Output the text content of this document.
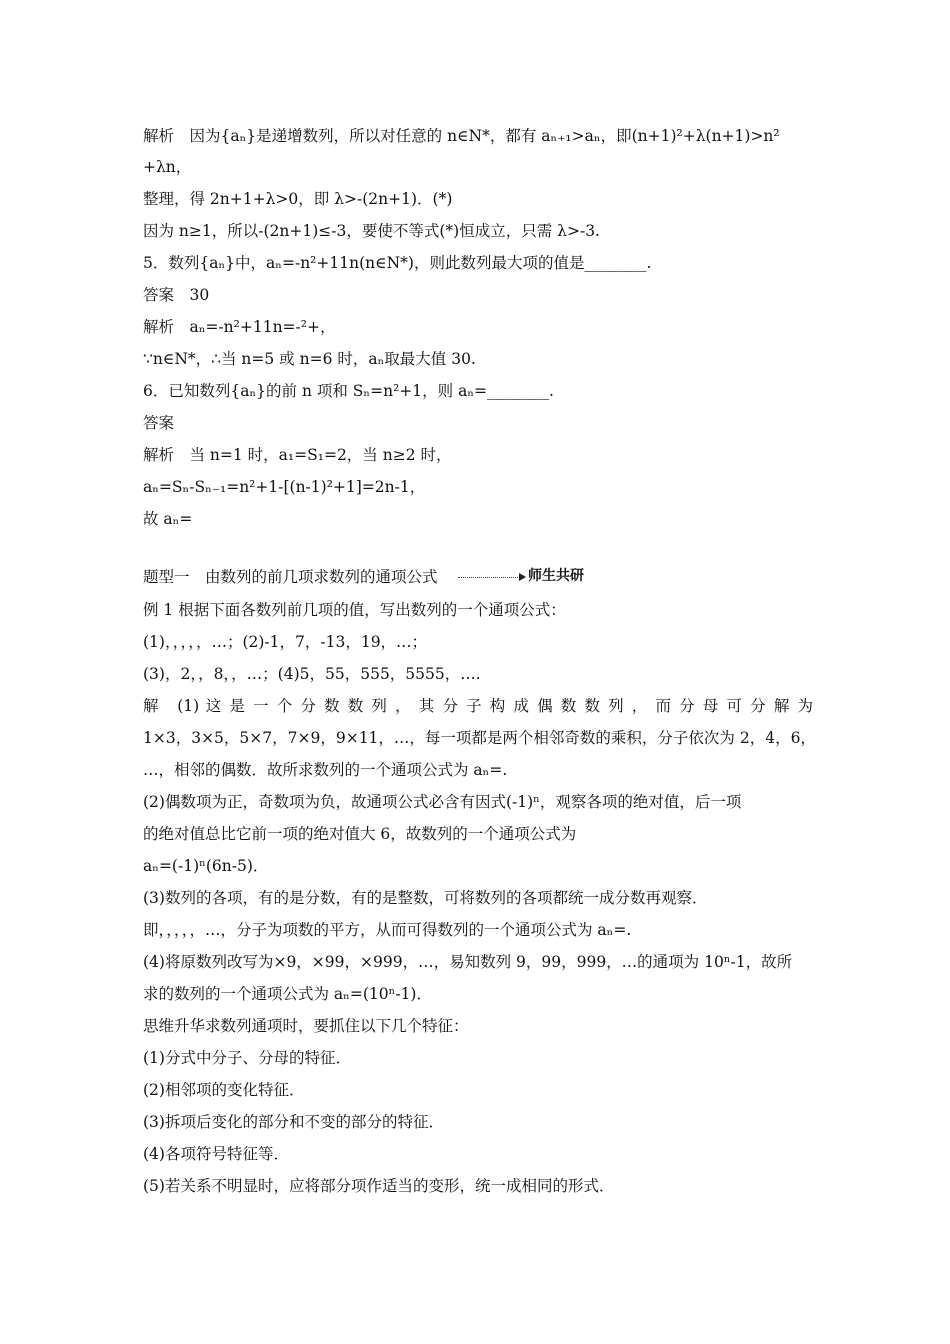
解析　因为{aₙ}是递增数列，所以对任意的 n∈N*，都有 aₙ₊₁>aₙ，即(n+1)²+λ(n+1)>n²
+λn，
整理，得 2n+1+λ>0，即 λ>-(2n+1)．(*)
因为 n≥1，所以-(2n+1)≤-3，要使不等式(*)恒成立，只需 λ>-3.
5．数列{aₙ}中，aₙ=-n²+11n(n∈N*)，则此数列最大项的值是________.
答案　30
解析　aₙ=-n²+11n=-²+，
∵n∈N*，∴当 n=5 或 n=6 时，aₙ取最大值 30.
6．已知数列{aₙ}的前 n 项和 Sₙ=n²+1，则 aₙ=________.
答案
解析　当 n=1 时，a₁=S₁=2，当 n≥2 时，
aₙ=Sₙ-Sₙ₋₁=n²+1-[(n-1)²+1]=2n-1，
故 aₙ=
题型一　由数列的前几项求数列的通项公式	师生共研
例 1 根据下面各数列前几项的值，写出数列的一个通项公式：
(1)，，，，，…；(2)-1，7，-13，19，…；
(3)，2，，8，，…；(4)5，55，555，5555，….
解　(1) 这 是 一 个 分 数 数 列 ， 其 分 子 构 成 偶 数 数 列 ， 而 分 母 可 分 解 为
1×3，3×5，5×7，7×9，9×11，…，每一项都是两个相邻奇数的乘积，分子依次为 2，4，6，
…，相邻的偶数．故所求数列的一个通项公式为 aₙ=.
(2)偶数项为正，奇数项为负，故通项公式必含有因式(-1)ⁿ，观察各项的绝对值，后一项
的绝对值总比它前一项的绝对值大 6，故数列的一个通项公式为
aₙ=(-1)ⁿ(6n-5)．
(3)数列的各项，有的是分数，有的是整数，可将数列的各项都统一成分数再观察．
即，，，，，…，分子为项数的平方，从而可得数列的一个通项公式为 aₙ=.
(4)将原数列改写为×9，×99，×999，…，易知数列 9，99，999，…的通项为 10ⁿ-1，故所
求的数列的一个通项公式为 aₙ=(10ⁿ-1)．
思维升华求数列通项时，要抓住以下几个特征：
(1)分式中分子、分母的特征．
(2)相邻项的变化特征．
(3)拆项后变化的部分和不变的部分的特征．
(4)各项符号特征等．
(5)若关系不明显时，应将部分项作适当的变形，统一成相同的形式．
